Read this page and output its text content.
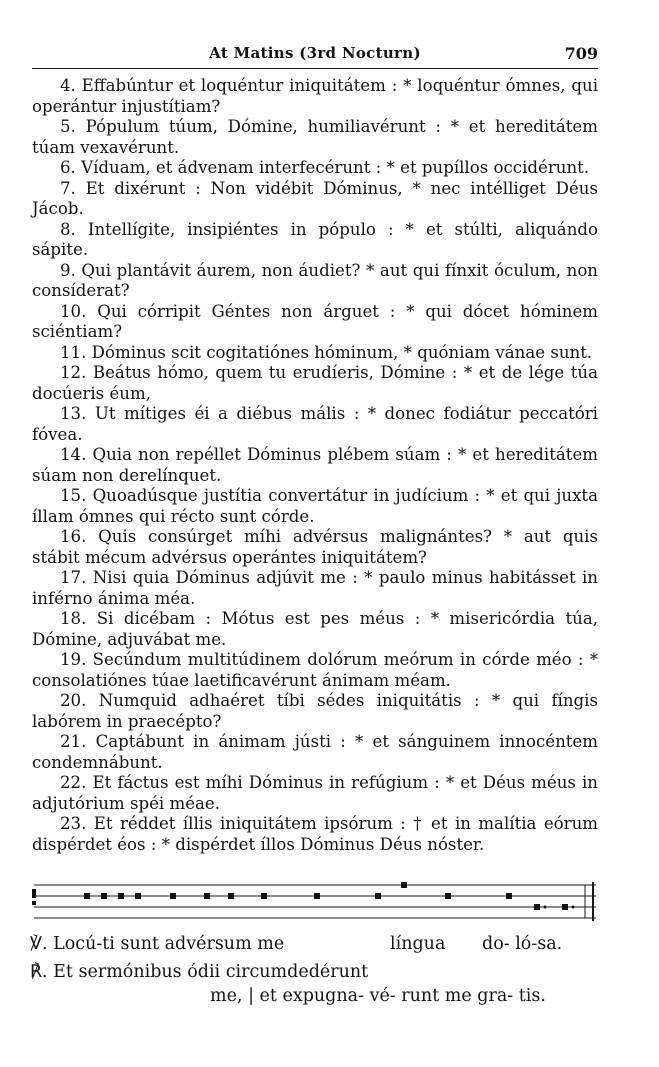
At Matins (3rd Nocturn)	709

4. Effabúntur et loquéntur iniquitátem : * loquéntur ómnes, qui operántur injustítiam?

5. Pópulum túum, Dómine, humiliavérunt : * et hereditátem túam vexavérunt.

6. Víduam, et ádvenam interfecérunt : * et pupíllos occidérunt.

7. Et dixérunt : Non vidébit Dóminus, * nec intélliget Déus Jácob.

8. Intellígite, insipiéntes in pópulo : * et stúlti, aliquándo sápite.

9. Qui plantávit áurem, non áudiet? * aut qui fínxit óculum, non consíderat?

10. Qui córripit Géntes non árguet : * qui dócet hóminem sciéntiam?

11. Dóminus scit cogitatiónes hóminum, * quóniam vánae sunt.

12. Beátus hómo, quem tu erudíeris, Dómine : * et de lége túa docúeris éum,

13. Ut mítiges éi a diébus mális : * donec fodiátur peccatóri fóvea.

14. Quia non repéllet Dóminus plébem súam : * et hereditátem súam non derelínquet.

15. Quoadúsque justítia convertátur in judícium : * et qui juxta íllam ómnes qui récto sunt córde.

16. Quis consúrget míhi advérsus malignántes? * aut quis stábit mécum advérsus operántes iniquitátem?

17. Nisi quia Dóminus adjúvit me : * paulo minus habitásset in inférno ánima méa.

18. Si dicébam : Mótus est pes méus : * misericórdia túa, Dómine, adjuvábat me.

19. Secúndum multitúdinem dolórum meórum in córde méo : * consolatiónes túae laetificavérunt ánimam méam.

20. Numquid adhaéret tíbi sédes iniquitátis : * qui fíngis labórem in praecépto?

21. Captábunt in ánimam jústi : * et sánguinem innocéntem condemnábunt.

22. Et fáctus est míhi Dóminus in refúgium : * et Déus méus in adjutórium spéi méae.

23. Et réddet íllis iniquitátem ipsórum : † et in malítia eórum dispérdet éos : * dispérdet íllos Dóminus Déus nóster.

℣. Locú-ti sunt advérsum me	língua do- ló-sa.
℟. Et sermónibus ódii circumdedérunt
me, | et expugna- vé- runt me gra- tis.
